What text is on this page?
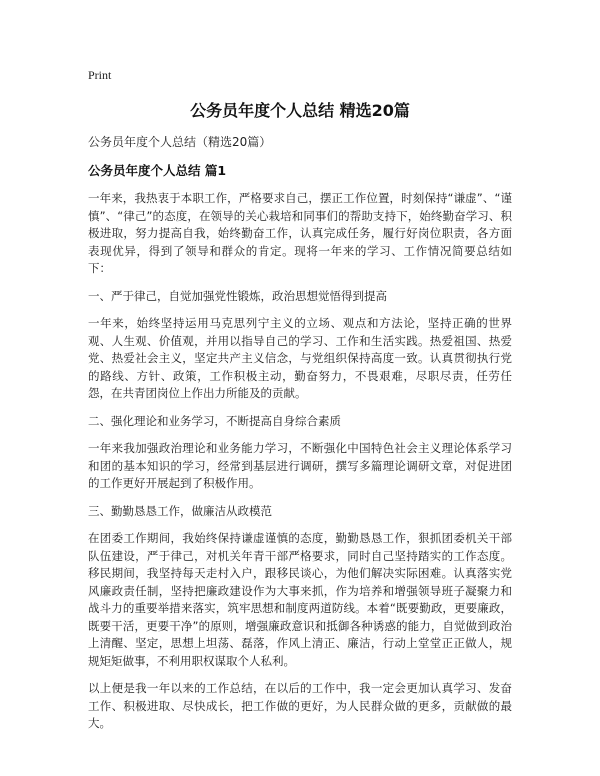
Print
公务员年度个人总结 精选20篇
公务员年度个人总结（精选20篇）
公务员年度个人总结 篇1

一年来，我热衷于本职工作，严格要求自己，摆正工作位置，时刻保持“谦虚”、“谨慎”、“律己”的态度，在领导的关心栽培和同事们的帮助支持下，始终勤奋学习、积极进取，努力提高自我，始终勤奋工作，认真完成任务，履行好岗位职责，各方面表现优异，得到了领导和群众的肯定。现将一年来的学习、工作情况简要总结如下：

一、严于律己，自觉加强党性锻炼，政治思想觉悟得到提高

一年来，始终坚持运用马克思列宁主义的立场、观点和方法论，坚持正确的世界观、人生观、价值观，并用以指导自己的学习、工作和生活实践。热爱祖国、热爱党、热爱社会主义，坚定共产主义信念，与党组织保持高度一致。认真贯彻执行党的路线、方针、政策，工作积极主动，勤奋努力，不畏艰难，尽职尽责，任劳任怨，在共青团岗位上作出力所能及的贡献。

二、强化理论和业务学习，不断提高自身综合素质

一年来我加强政治理论和业务能力学习，不断强化中国特色社会主义理论体系学习和团的基本知识的学习，经常到基层进行调研，撰写多篇理论调研文章，对促进团的工作更好开展起到了积极作用。

三、勤勤恳恳工作，做廉洁从政模范

在团委工作期间，我始终保持谦虚谨慎的态度，勤勤恳恳工作，狠抓团委机关干部队伍建设，严于律己，对机关年青干部严格要求，同时自己坚持踏实的工作态度。移民期间，我坚持每天走村入户，跟移民谈心，为他们解决实际困难。认真落实党风廉政责任制，坚持把廉政建设作为大事来抓，作为培养和增强领导班子凝聚力和战斗力的重要举措来落实，筑牢思想和制度两道防线。本着“既要勤政，更要廉政，既要干活，更要干净”的原则，增强廉政意识和抵御各种诱惑的能力，自觉做到政治上清醒、坚定，思想上坦荡、磊落，作风上清正、廉洁，行动上堂堂正正做人，规规矩矩做事，不利用职权谋取个人私利。

以上便是我一年以来的工作总结，在以后的工作中，我一定会更加认真学习、发奋工作、积极进取、尽快成长，把工作做的更好，为人民群众做的更多，贡献做的最大。
